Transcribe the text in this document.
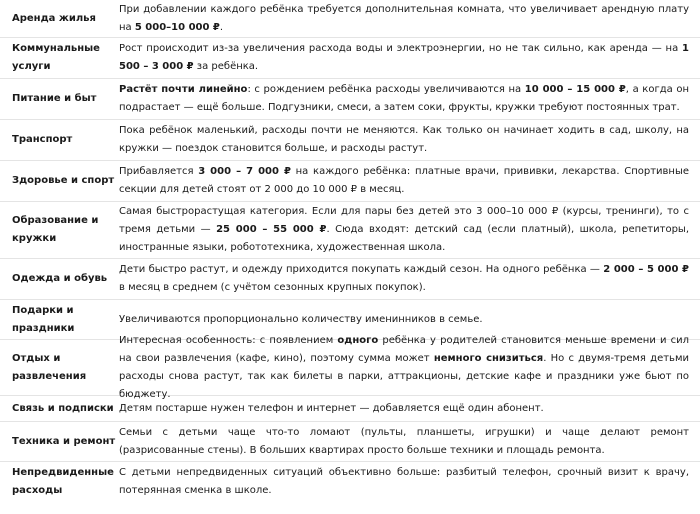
Аренда жилья
При добавлении каждого ребёнка требуется дополнительная комната, что увеличивает арендную плату на 5 000–10 000 ₽.
Коммунальные услуги
Рост происходит из-за увеличения расхода воды и электроэнергии, но не так сильно, как аренда — на 1 500 – 3 000 ₽ за ребёнка.
Питание и быт
Растёт почти линейно: с рождением ребёнка расходы увеличиваются на 10 000 – 15 000 ₽, а когда он подрастает — ещё больше. Подгузники, смеси, а затем соки, фрукты, кружки требуют постоянных трат.
Транспорт
Пока ребёнок маленький, расходы почти не меняются. Как только он начинает ходить в сад, школу, на кружки — поездок становится больше, и расходы растут.
Здоровье и спорт
Прибавляется 3 000 – 7 000 ₽ на каждого ребёнка: платные врачи, прививки, лекарства. Спортивные секции для детей стоят от 2 000 до 10 000 ₽ в месяц.
Образование и кружки
Самая быстрорастущая категория. Если для пары без детей это 3 000–10 000 ₽ (курсы, тренинги), то с тремя детьми — 25 000 – 55 000 ₽. Сюда входят: детский сад (если платный), школа, репетиторы, иностранные языки, робототехника, художественная школа.
Одежда и обувь
Дети быстро растут, и одежду приходится покупать каждый сезон. На одного ребёнка — 2 000 – 5 000 ₽ в месяц в среднем (с учётом сезонных крупных покупок).
Подарки и праздники
Увеличиваются пропорционально количеству именинников в семье.
Отдых и развлечения
Интересная особенность: с появлением одного ребёнка у родителей становится меньше времени и сил на свои развлечения (кафе, кино), поэтому сумма может немного снизиться. Но с двумя-тремя детьми расходы снова растут, так как билеты в парки, аттракционы, детские кафе и праздники уже бьют по бюджету.
Связь и подписки Детям постарше нужен телефон и интернет — добавляется ещё один абонент.
Техника и ремонт
Семьи с детьми чаще что-то ломают (пульты, планшеты, игрушки) и чаще делают ремонт (разрисованные стены). В больших квартирах просто больше техники и площадь ремонта.
Непредвиденные расходы
С детьми непредвиденных ситуаций объективно больше: разбитый телефон, срочный визит к врачу, потерянная сменка в школе.
